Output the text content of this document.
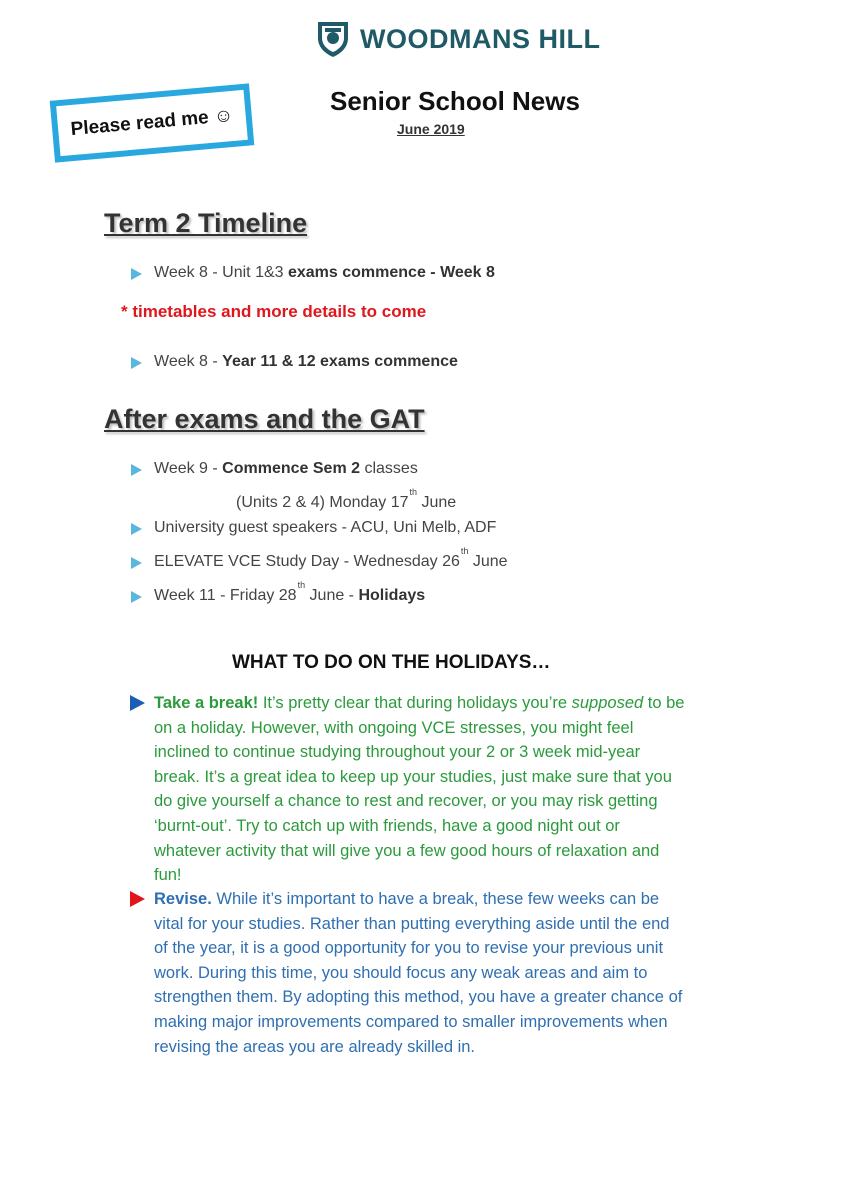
WOODMANS HILL
Please read me ☺
Senior School News
June 2019
Term 2 Timeline
Week 8 - Unit 1&3 exams commence - Week 8
* timetables and more details to come
Week 8 - Year 11 & 12 exams commence
After exams and the GAT
Week 9 - Commence Sem 2 classes
(Units 2 & 4) Monday 17th June
University guest speakers - ACU, Uni Melb, ADF
ELEVATE VCE Study Day - Wednesday 26th June
Week 11 - Friday 28th June - Holidays
WHAT TO DO ON THE HOLIDAYS…
Take a break! It’s pretty clear that during holidays you’re supposed to be
on a holiday. However, with ongoing VCE stresses, you might feel
inclined to continue studying throughout your 2 or 3 week mid-year
break. It’s a great idea to keep up your studies, just make sure that you
do give yourself a chance to rest and recover, or you may risk getting
‘burnt-out’. Try to catch up with friends, have a good night out or
whatever activity that will give you a few good hours of relaxation and
fun!
Revise. While it’s important to have a break, these few weeks can be
vital for your studies. Rather than putting everything aside until the end
of the year, it is a good opportunity for you to revise your previous unit
work. During this time, you should focus any weak areas and aim to
strengthen them. By adopting this method, you have a greater chance of
making major improvements compared to smaller improvements when
revising the areas you are already skilled in.
